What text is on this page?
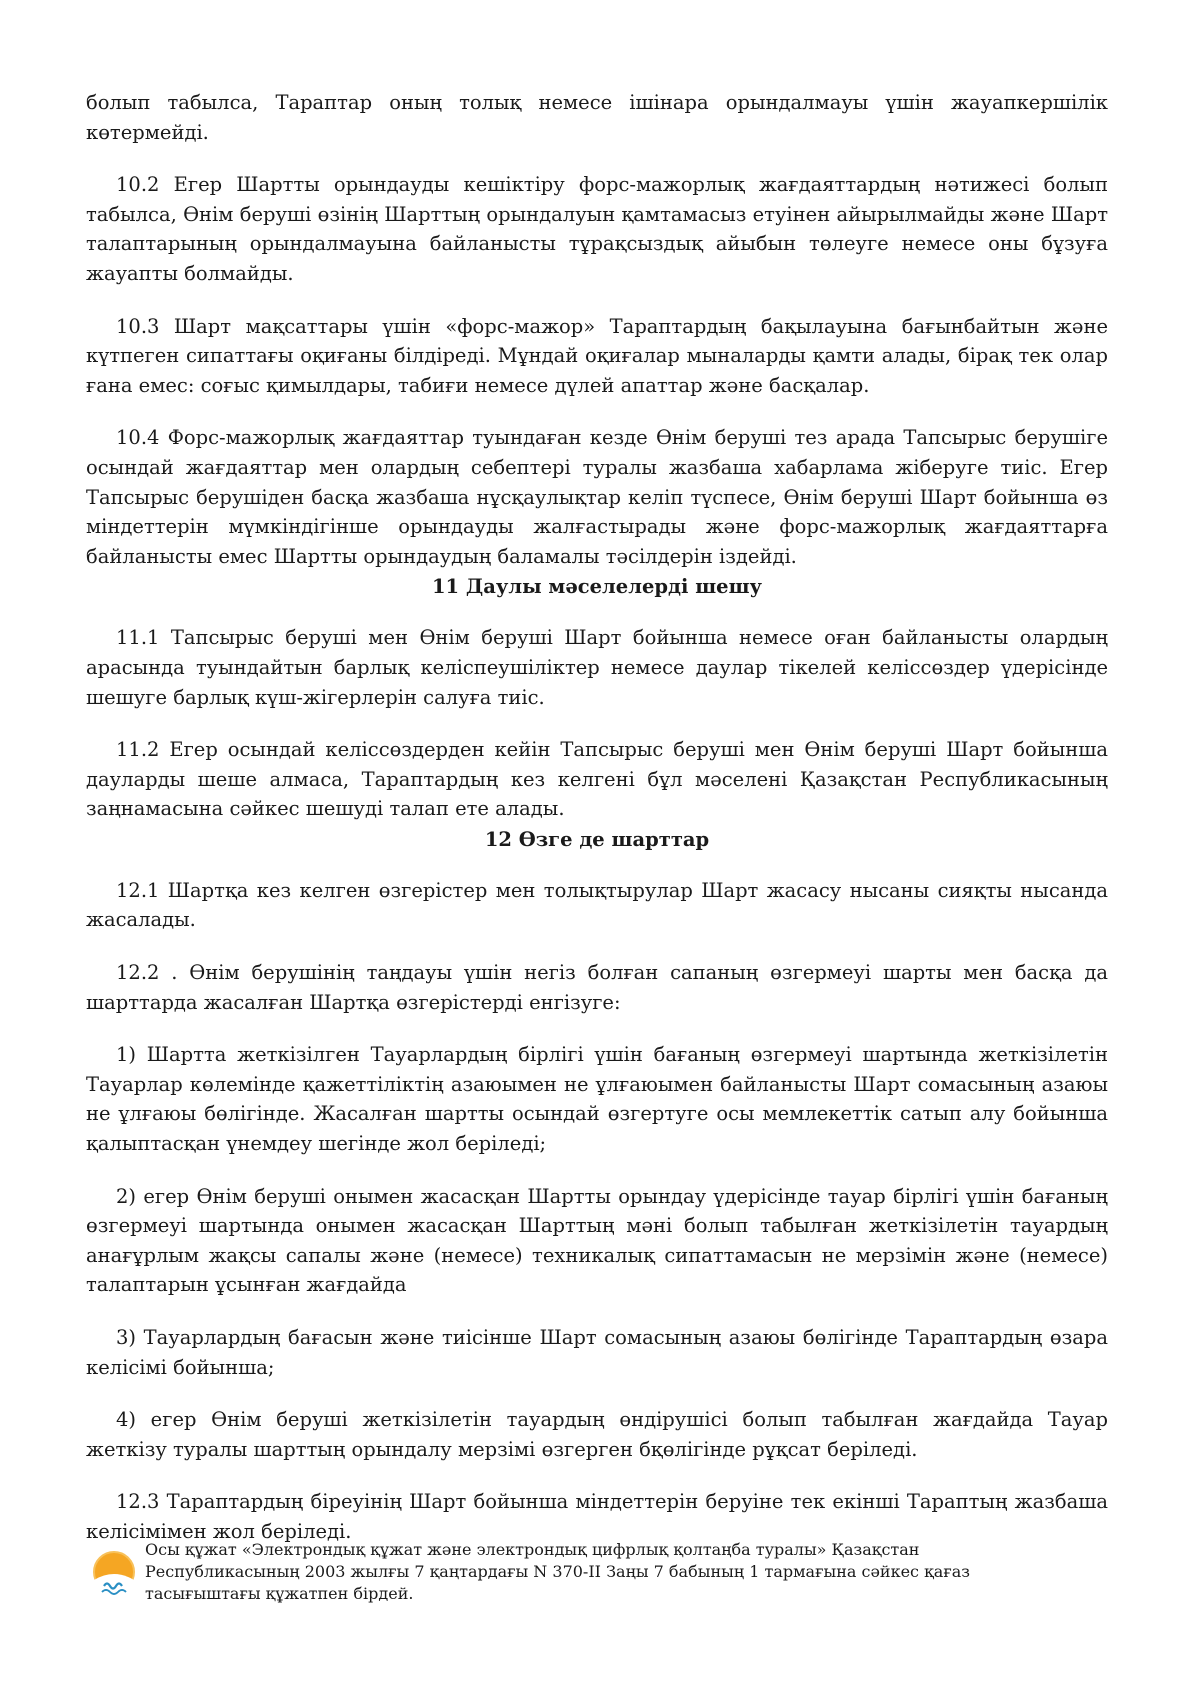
болып табылса, Тараптар оның толық немесе ішінара орындалмауы үшін жауапкершілік көтермейді.

10.2 Егер Шартты орындауды кешіктіру форс-мажорлық жағдаяттардың нәтижесі болып табылса, Өнім беруші өзінің Шарттың орындалуын қамтамасыз етуінен айырылмайды және Шарт талаптарының орындалмауына байланысты тұрақсыздық айыбын төлеуге немесе оны бұзуға жауапты болмайды.

10.3 Шарт мақсаттары үшін «форс-мажор» Тараптардың бақылауына бағынбайтын және күтпеген сипаттағы оқиғаны білдіреді. Мұндай оқиғалар мыналарды қамти алады, бірақ тек олар ғана емес: соғыс қимылдары, табиғи немесе дүлей апаттар және басқалар.

10.4 Форс-мажорлық жағдаяттар туындаған кезде Өнім беруші тез арада Тапсырыс берушіге осындай жағдаяттар мен олардың себептері туралы жазбаша хабарлама жіберуге тиіс. Егер Тапсырыс берушіден басқа жазбаша нұсқаулықтар келіп түспесе, Өнім беруші Шарт бойынша өз міндеттерін мүмкіндігінше орындауды жалғастырады және форс-мажорлық жағдаяттарға байланысты емес Шартты орындаудың баламалы тәсілдерін іздейді.

11 Даулы мәселелерді шешу

11.1 Тапсырыс беруші мен Өнім беруші Шарт бойынша немесе оған байланысты олардың арасында туындайтын барлық келіспеушіліктер немесе даулар тікелей келіссөздер үдерісінде шешуге барлық күш-жігерлерін салуға тиіс.

11.2 Егер осындай келіссөздерден кейін Тапсырыс беруші мен Өнім беруші Шарт бойынша дауларды шеше алмаса, Тараптардың кез келгені бұл мәселені Қазақстан Республикасының заңнамасына сәйкес шешуді талап ете алады.

12 Өзге де шарттар

12.1 Шартқа кез келген өзгерістер мен толықтырулар Шарт жасасу нысаны сияқты нысанда жасалады.

12.2 . Өнім берушінің таңдауы үшін негіз болған сапаның өзгермеуі шарты мен басқа да шарттарда жасалған Шартқа өзгерістерді енгізуге:

1) Шартта жеткізілген Тауарлардың бірлігі үшін бағаның өзгермеуі шартында жеткізілетін Тауарлар көлемінде қажеттіліктің азаюымен не ұлғаюымен байланысты Шарт сомасының азаюы не ұлғаюы бөлігінде. Жасалған шартты осындай өзгертуге осы мемлекеттік сатып алу бойынша қалыптасқан үнемдеу шегінде жол беріледі;

2) егер Өнім беруші онымен жасасқан Шартты орындау үдерісінде тауар бірлігі үшін бағаның өзгермеуі шартында онымен жасасқан Шарттың мәні болып табылған жеткізілетін тауардың анағұрлым жақсы сапалы және (немесе) техникалық сипаттамасын не мерзімін және (немесе) талаптарын ұсынған жағдайда

3) Тауарлардың бағасын және тиісінше Шарт сомасының азаюы бөлігінде Тараптардың өзара келісімі бойынша;

4) егер Өнім беруші жеткізілетін тауардың өндірушісі болып табылған жағдайда Тауар жеткізу туралы шарттың орындалу мерзімі өзгерген бқөлігінде рұқсат беріледі.

12.3 Тараптардың біреуінің Шарт бойынша міндеттерін беруіне тек екінші Тараптың жазбаша келісімімен жол беріледі.

Осы құжат «Электрондық құжат және электрондық цифрлық қолтаңба туралы» Қазақстан
Республикасының 2003 жылғы 7 қаңтардағы N 370-II Заңы 7 бабының 1 тармағына сәйкес қағаз
тасығыштағы құжатпен бірдей.
